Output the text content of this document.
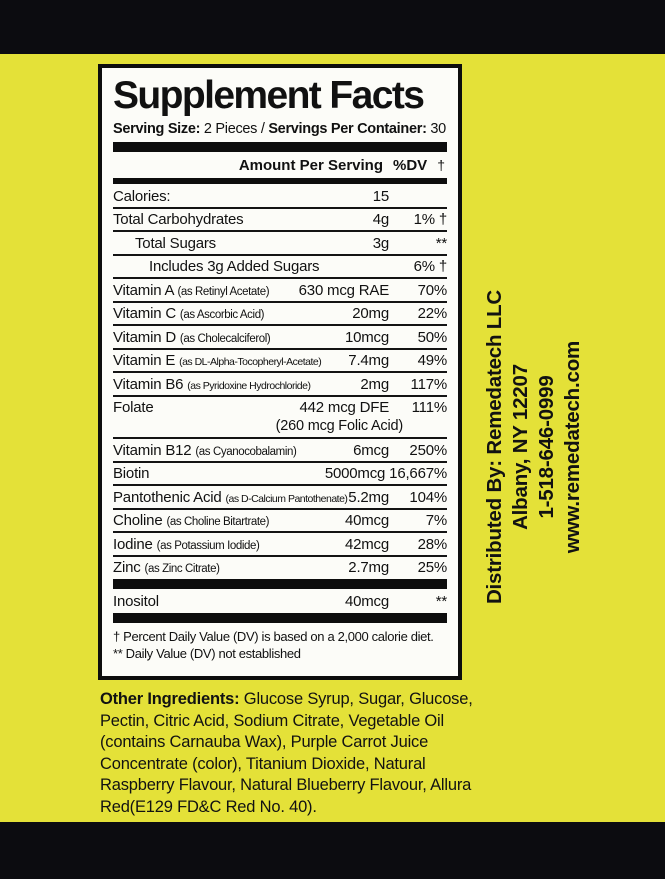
Supplement Facts
Serving Size: 2 Pieces / Servings Per Container: 30
Amount Per Serving %DV †
Calories:	15
Total Carbohydrates	4g	1% †
Total Sugars	3g	**
Includes 3g Added Sugars	6% †
Vitamin A (as Retinyl Acetate)	630 mcg RAE	70%
Vitamin C (as Ascorbic Acid)	20mg	22%
Vitamin D (as Cholecalciferol)	10mcg	50%
Vitamin E (as DL-Alpha-Tocopheryl-Acetate)	7.4mg	49%
Vitamin B6 (as Pyridoxine Hydrochloride)	2mg	117%
Folate	442 mcg DFE	111%
(260 mcg Folic Acid)
Vitamin B12 (as Cyanocobalamin)	6mcg	250%
Biotin	5000mcg 16,667%
Pantothenic Acid (as D-Calcium Pantothenate) 5.2mg	104%
Choline (as Choline Bitartrate)	40mcg	7%
Iodine (as Potassium Iodide)	42mcg	28%
Zinc (as Zinc Citrate)	2.7mg	25%
Inositol	40mcg	**
† Percent Daily Value (DV) is based on a 2,000 calorie diet.
** Daily Value (DV) not established
Other Ingredients: Glucose Syrup, Sugar, Glucose, Pectin, Citric Acid, Sodium Citrate, Vegetable Oil (contains Carnauba Wax), Purple Carrot Juice Concentrate (color), Titanium Dioxide, Natural Raspberry Flavour, Natural Blueberry Flavour, Allura Red(E129 FD&C Red No. 40).
Distributed By: Remedatech LLC Albany, NY 12207 1-518-646-0999 www.remedatech.com
